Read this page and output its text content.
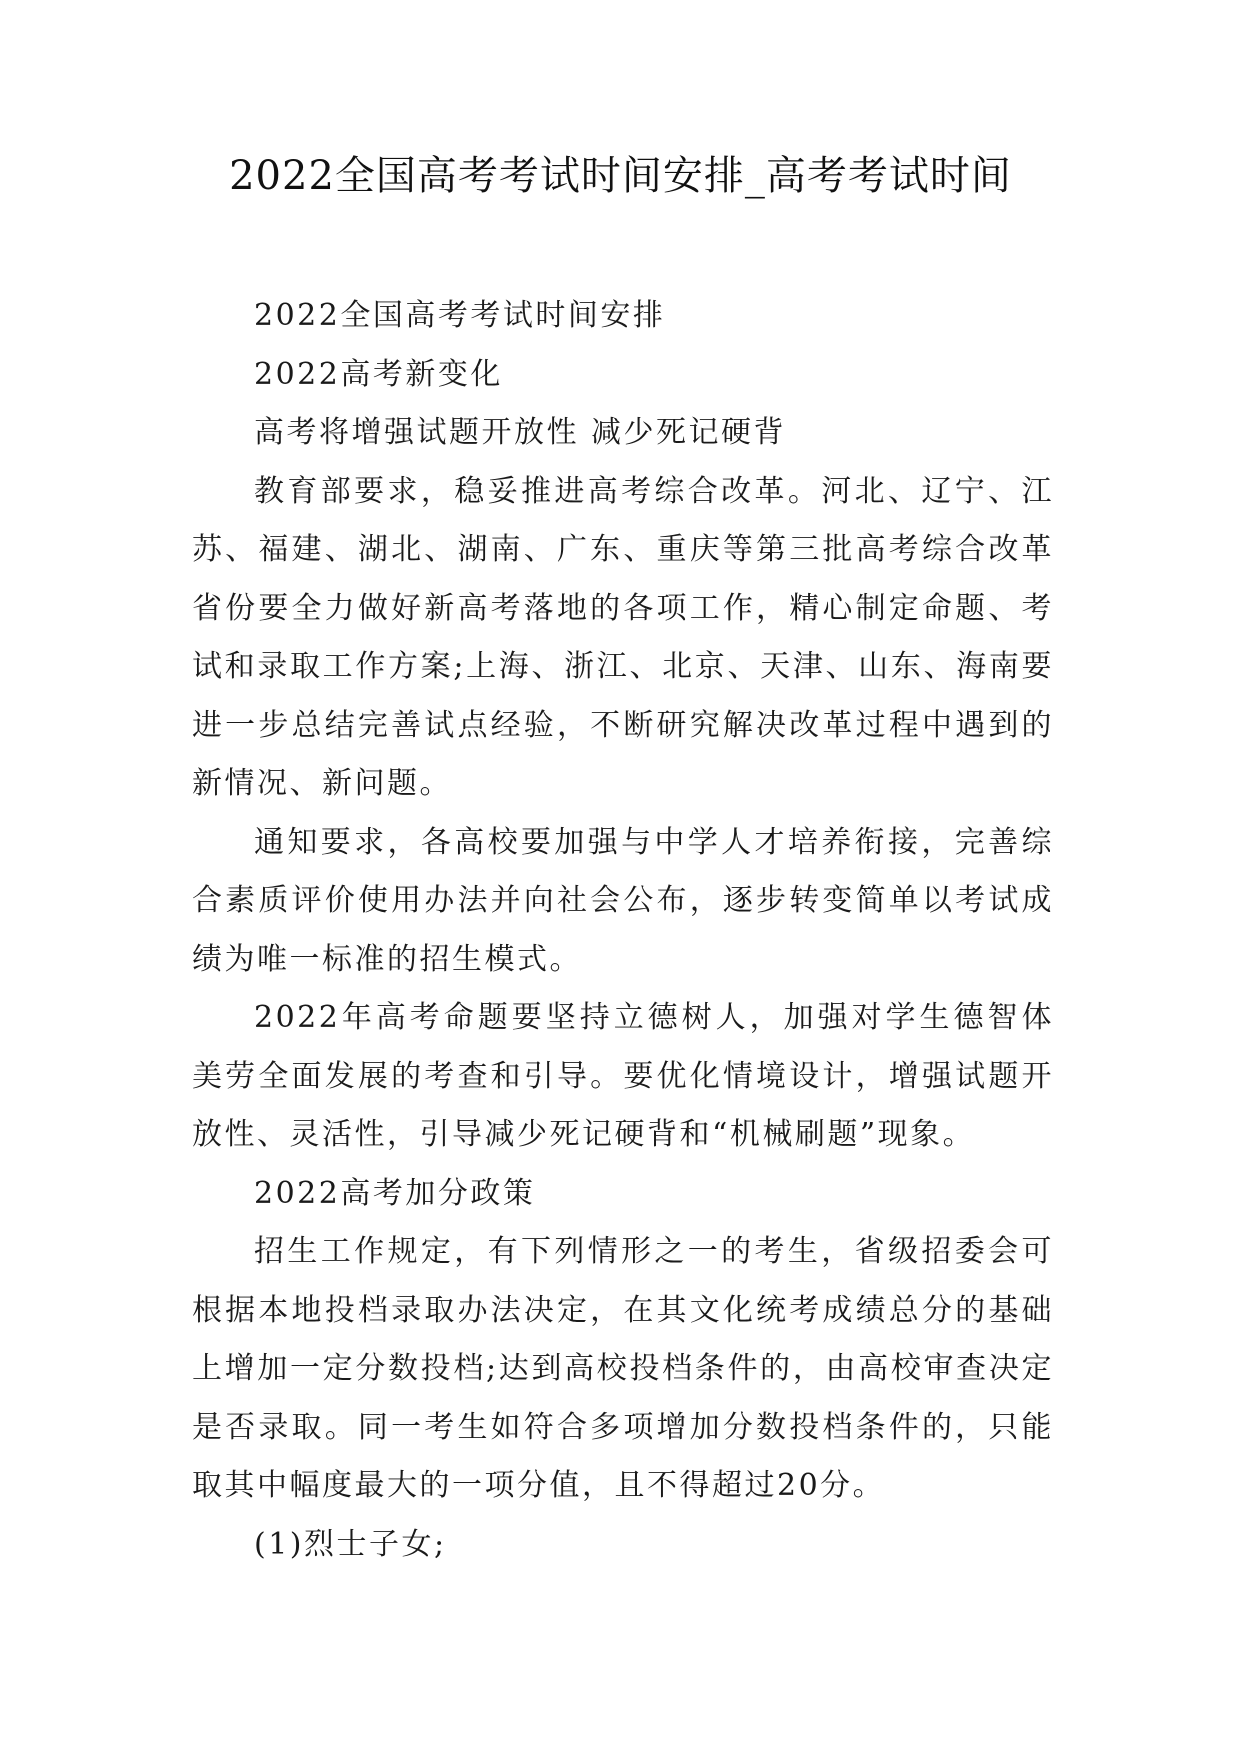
2022全国高考考试时间安排_高考考试时间

2022全国高考考试时间安排

2022高考新变化

高考将增强试题开放性 减少死记硬背

教育部要求，稳妥推进高考综合改革。河北、辽宁、江苏、福建、湖北、湖南、广东、重庆等第三批高考综合改革省份要全力做好新高考落地的各项工作，精心制定命题、考试和录取工作方案;上海、浙江、北京、天津、山东、海南要进一步总结完善试点经验，不断研究解决改革过程中遇到的新情况、新问题。

通知要求，各高校要加强与中学人才培养衔接，完善综合素质评价使用办法并向社会公布，逐步转变简单以考试成绩为唯一标准的招生模式。

2022年高考命题要坚持立德树人，加强对学生德智体美劳全面发展的考查和引导。要优化情境设计，增强试题开放性、灵活性，引导减少死记硬背和“机械刷题”现象。

2022高考加分政策

招生工作规定，有下列情形之一的考生，省级招委会可根据本地投档录取办法决定，在其文化统考成绩总分的基础上增加一定分数投档;达到高校投档条件的，由高校审查决定是否录取。同一考生如符合多项增加分数投档条件的，只能取其中幅度最大的一项分值，且不得超过20分。

(1)烈士子女;
